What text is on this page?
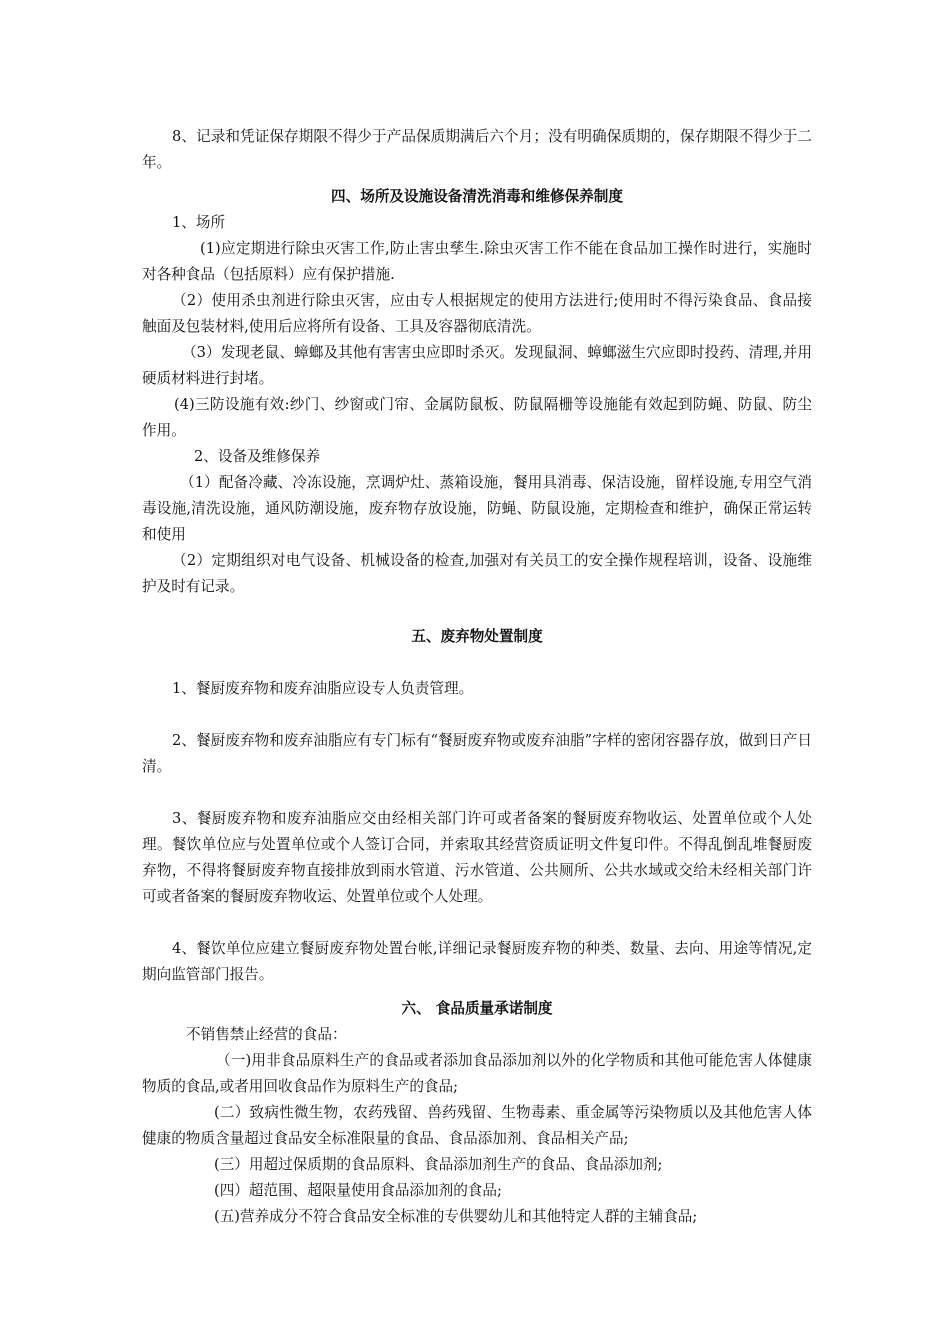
8、记录和凭证保存期限不得少于产品保质期满后六个月；没有明确保质期的，保存期限不得少于二年。

四、场所及设施设备清洗消毒和维修保养制度

1、场所

(1)应定期进行除虫灭害工作,防止害虫孳生.除虫灭害工作不能在食品加工操作时进行，实施时对各种食品（包括原料）应有保护措施.

（2）使用杀虫剂进行除虫灭害，应由专人根据规定的使用方法进行;使用时不得污染食品、食品接触面及包装材料,使用后应将所有设备、工具及容器彻底清洗。

（3）发现老鼠、蟑螂及其他有害害虫应即时杀灭。发现鼠洞、蟑螂滋生穴应即时投药、清理,并用硬质材料进行封堵。

(4)三防设施有效:纱门、纱窗或门帘、金属防鼠板、防鼠隔栅等设施能有效起到防蝇、防鼠、防尘作用。

2、设备及维修保养

（1）配备冷藏、冷冻设施，烹调炉灶、蒸箱设施，餐用具消毒、保洁设施，留样设施,专用空气消毒设施,清洗设施，通风防潮设施，废弃物存放设施，防蝇、防鼠设施，定期检查和维护，确保正常运转和使用

（2）定期组织对电气设备、机械设备的检查,加强对有关员工的安全操作规程培训，设备、设施维护及时有记录。

五、废弃物处置制度

1、餐厨废弃物和废弃油脂应设专人负责管理。

2、餐厨废弃物和废弃油脂应有专门标有“餐厨废弃物或废弃油脂”字样的密闭容器存放，做到日产日清。

3、餐厨废弃物和废弃油脂应交由经相关部门许可或者备案的餐厨废弃物收运、处置单位或个人处理。餐饮单位应与处置单位或个人签订合同，并索取其经营资质证明文件复印件。不得乱倒乱堆餐厨废弃物，不得将餐厨废弃物直接排放到雨水管道、污水管道、公共厕所、公共水域或交给未经相关部门许可或者备案的餐厨废弃物收运、处置单位或个人处理。

4、餐饮单位应建立餐厨废弃物处置台帐,详细记录餐厨废弃物的种类、数量、去向、用途等情况,定期向监管部门报告。

六、 食品质量承诺制度

不销售禁止经营的食品：

（一)用非食品原料生产的食品或者添加食品添加剂以外的化学物质和其他可能危害人体健康物质的食品,或者用回收食品作为原料生产的食品;

(二）致病性微生物，农药残留、兽药残留、生物毒素、重金属等污染物质以及其他危害人体健康的物质含量超过食品安全标准限量的食品、食品添加剂、食品相关产品;

(三）用超过保质期的食品原料、食品添加剂生产的食品、食品添加剂;

(四）超范围、超限量使用食品添加剂的食品;

(五)营养成分不符合食品安全标准的专供婴幼儿和其他特定人群的主辅食品;
